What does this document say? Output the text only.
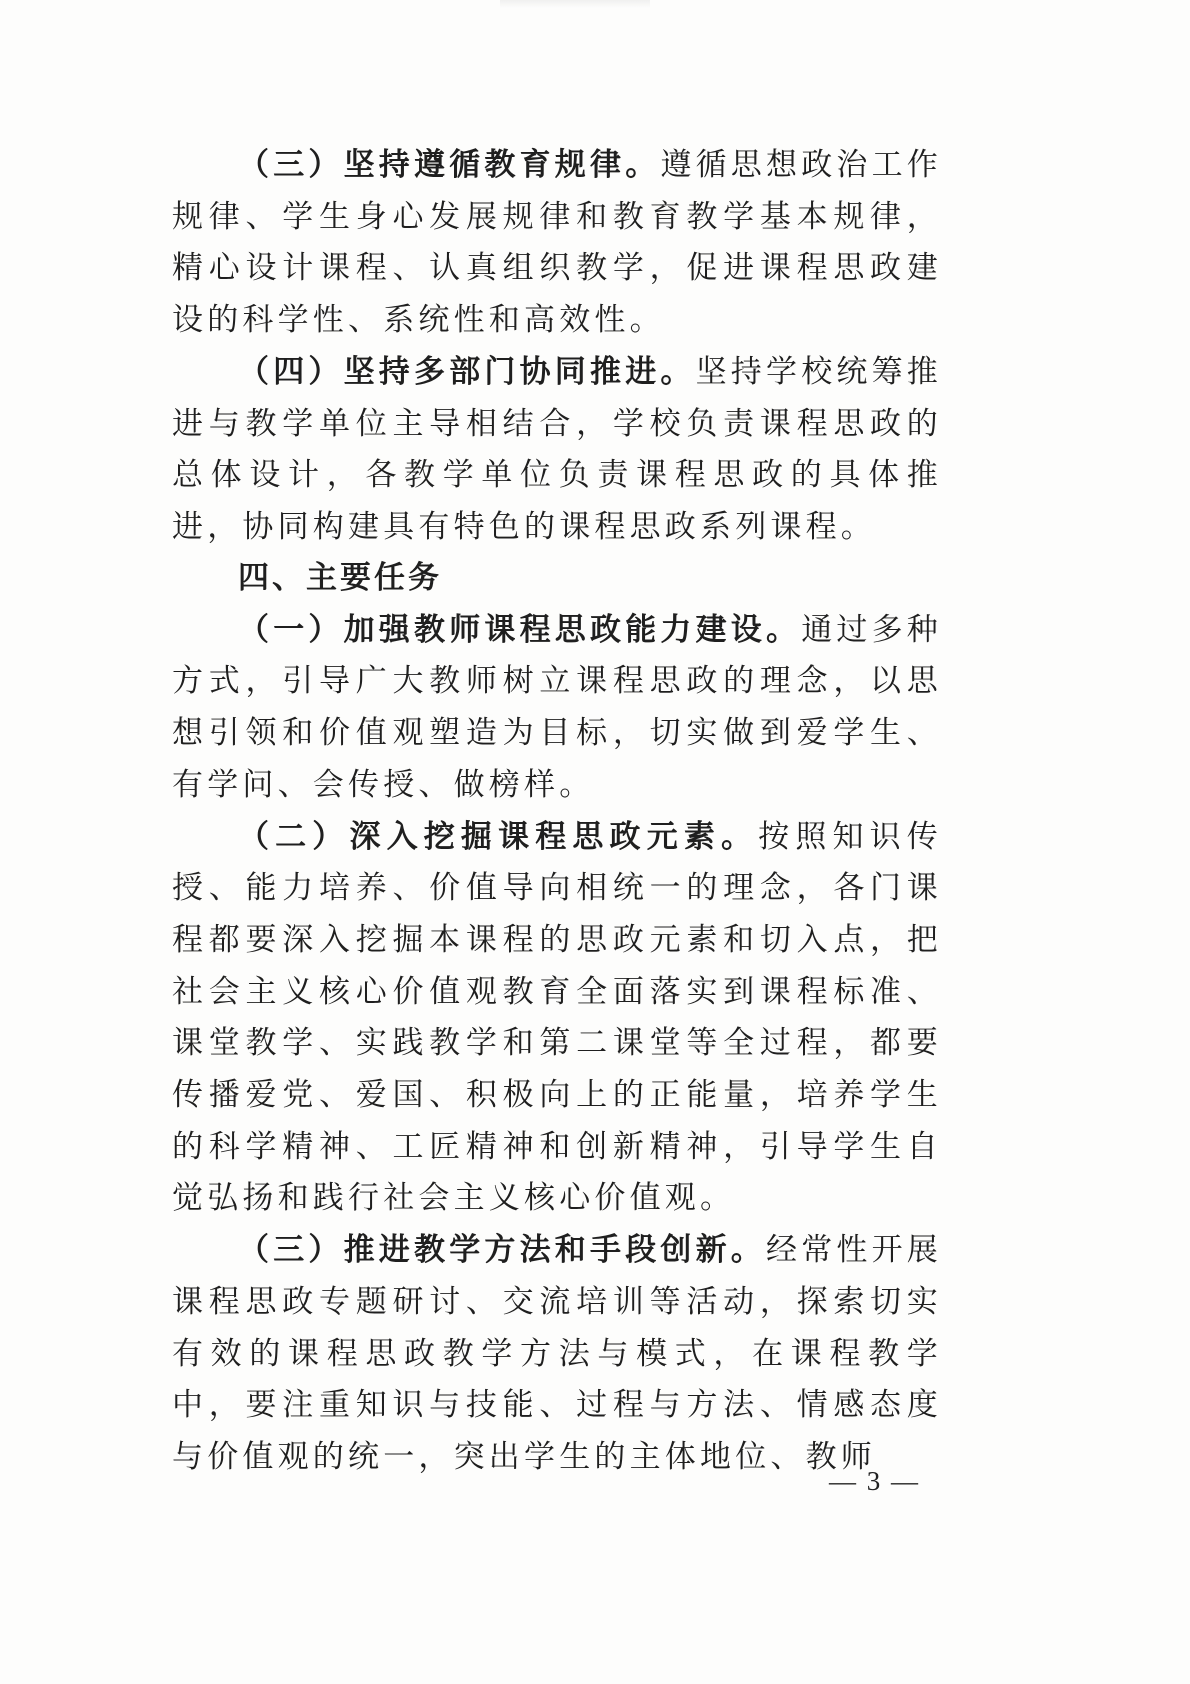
（三）坚持遵循教育规律。遵循思想政治工作规律、学生身心发展规律和教育教学基本规律，精心设计课程、认真组织教学，促进课程思政建设的科学性、系统性和高效性。

（四）坚持多部门协同推进。坚持学校统筹推进与教学单位主导相结合，学校负责课程思政的总体设计，各教学单位负责课程思政的具体推进，协同构建具有特色的课程思政系列课程。

四、主要任务

（一）加强教师课程思政能力建设。通过多种方式，引导广大教师树立课程思政的理念，以思想引领和价值观塑造为目标，切实做到爱学生、有学问、会传授、做榜样。

（二）深入挖掘课程思政元素。按照知识传授、能力培养、价值导向相统一的理念，各门课程都要深入挖掘本课程的思政元素和切入点，把社会主义核心价值观教育全面落实到课程标准、课堂教学、实践教学和第二课堂等全过程，都要传播爱党、爱国、积极向上的正能量，培养学生的科学精神、工匠精神和创新精神，引导学生自觉弘扬和践行社会主义核心价值观。

（三）推进教学方法和手段创新。经常性开展课程思政专题研讨、交流培训等活动，探索切实有效的课程思政教学方法与模式，在课程教学中，要注重知识与技能、过程与方法、情感态度与价值观的统一，突出学生的主体地位、教师

— 3 —
